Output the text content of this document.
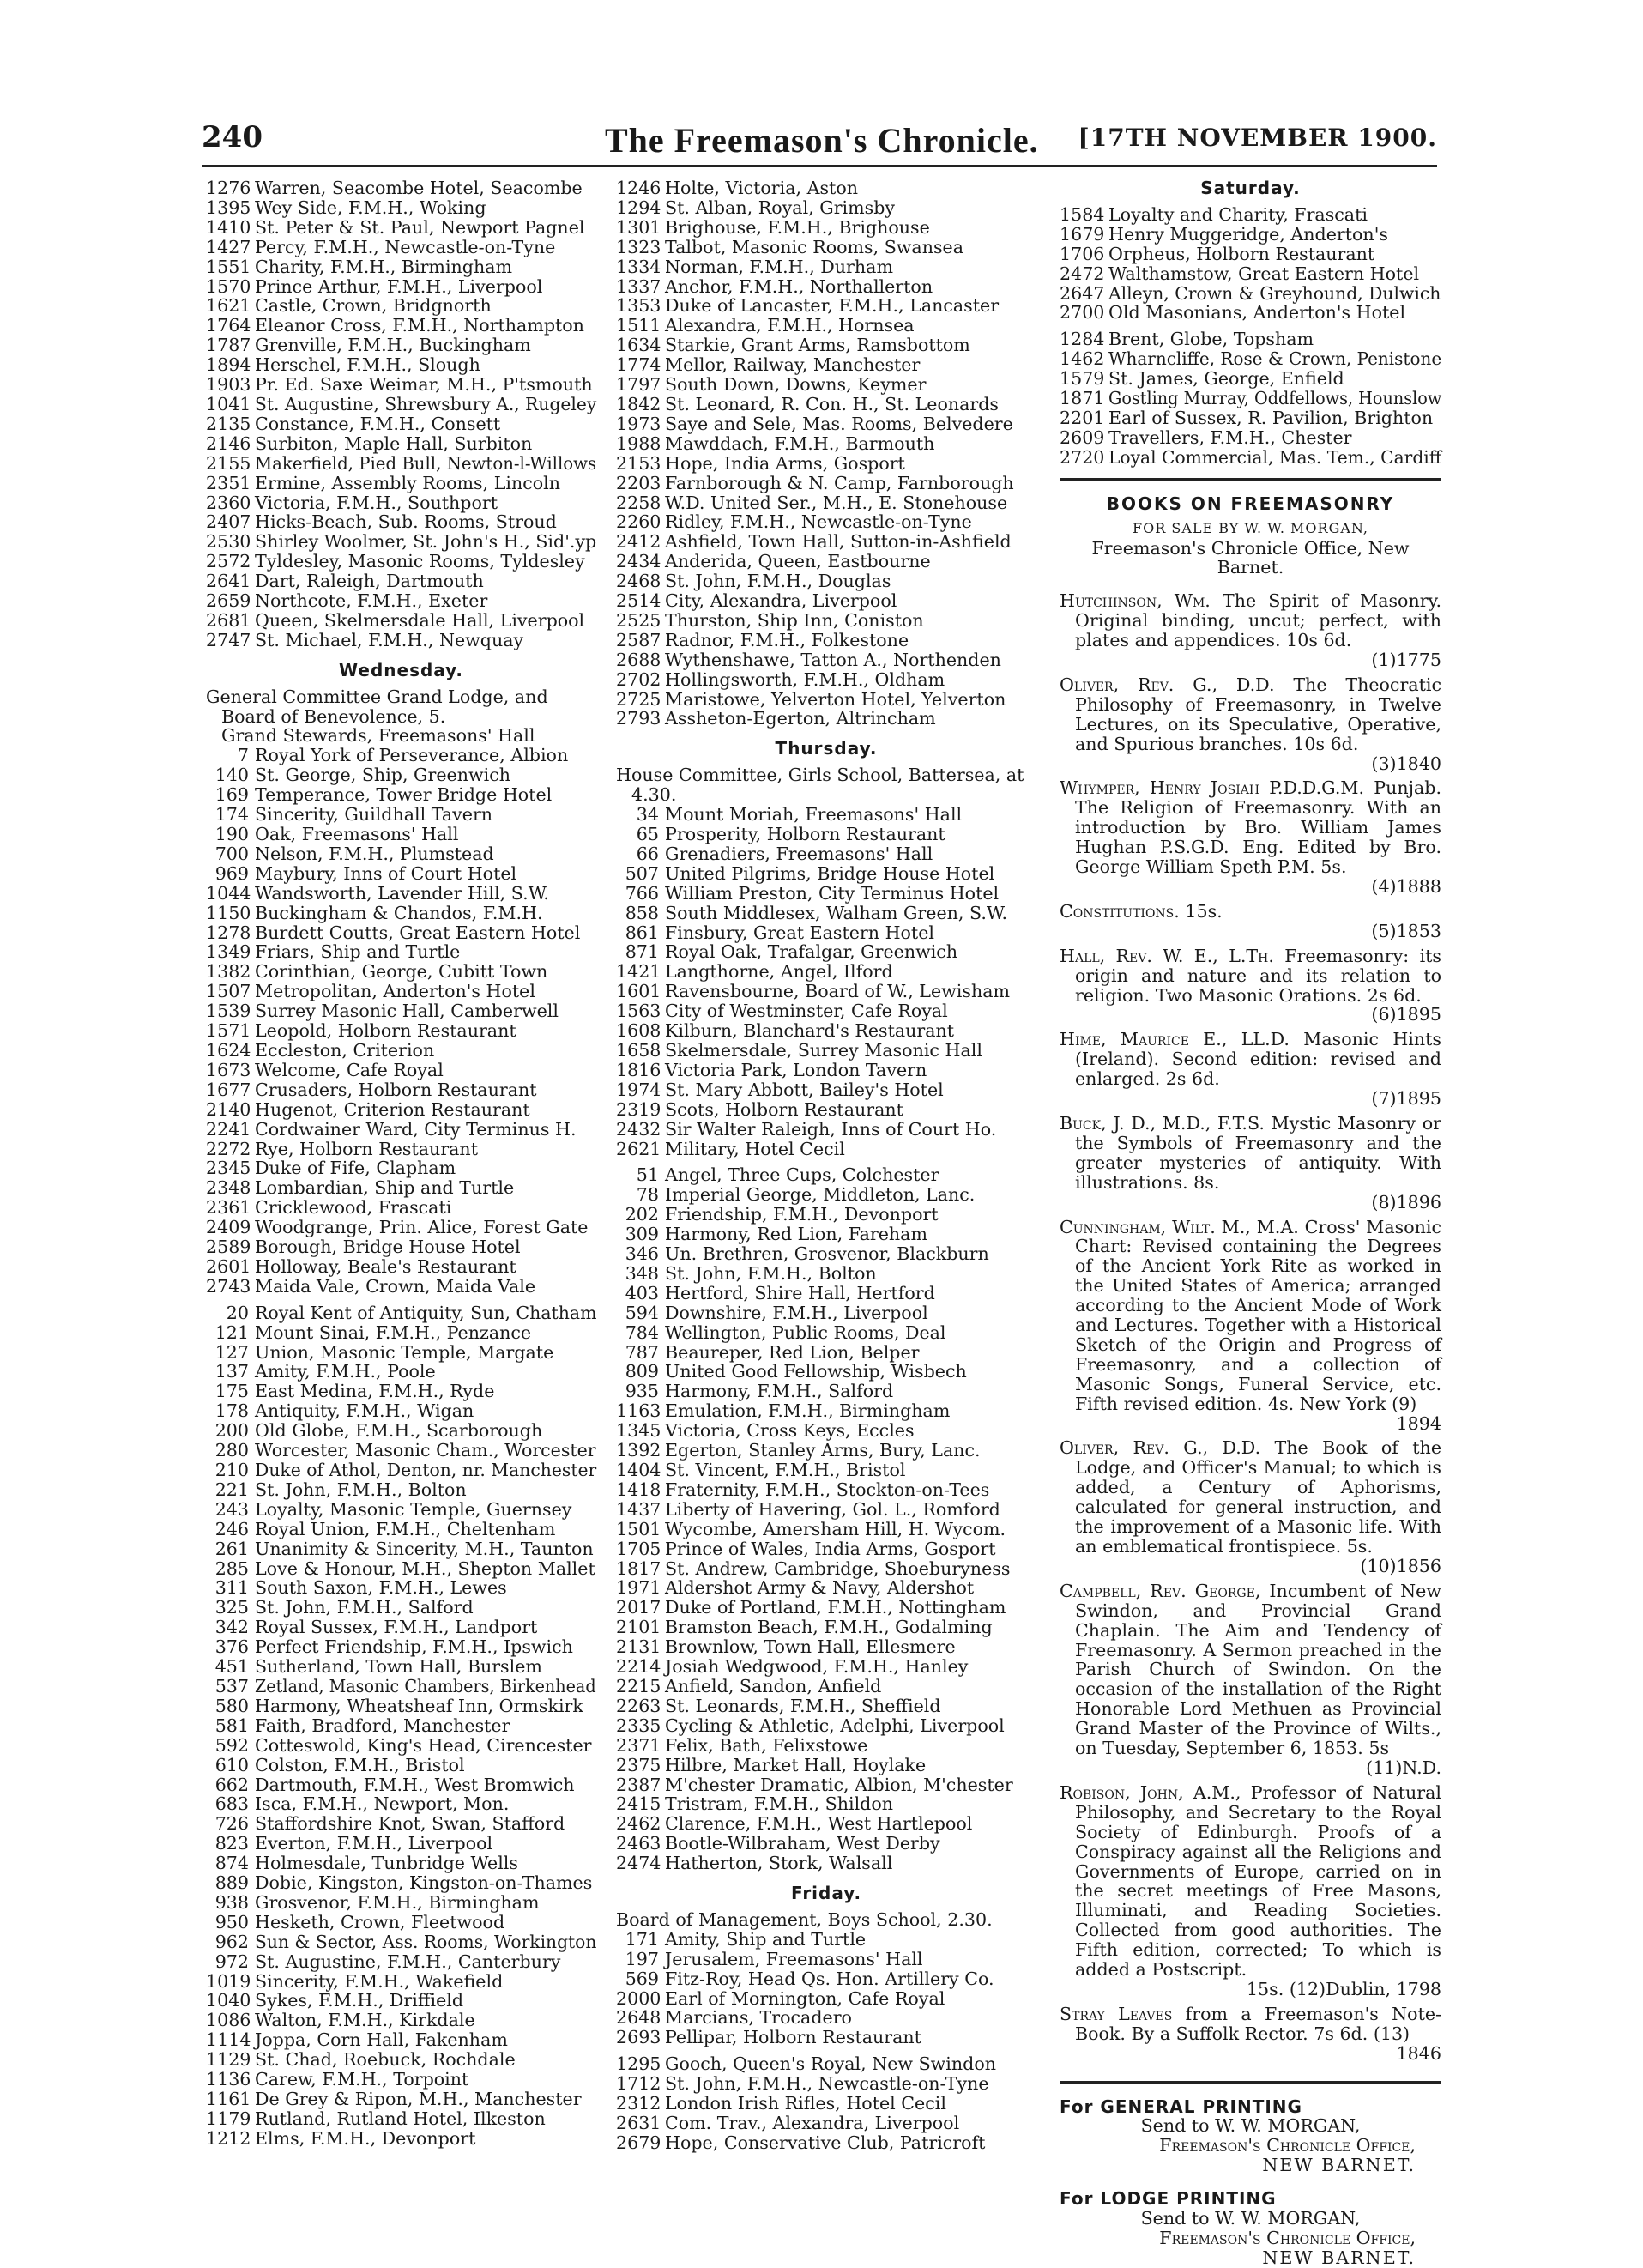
240	The Freemason's Chronicle. [17TH NOVEMBER 1900.
1276 Warren, Seacombe Hotel, Seacombe
1395 Wey Side, F.M.H., Woking
1410 St. Peter & St. Paul, Newport Pagnel
1427 Percy, F.M.H., Newcastle-on-Tyne
1551 Charity, F.M.H., Birmingham
1570 Prince Arthur, F.M.H., Liverpool
1621 Castle, Crown, Bridgnorth
1764 Eleanor Cross, F.M.H., Northampton
1787 Grenville, F.M.H., Buckingham
1894 Herschel, F.M.H., Slough
1903 Pr. Ed. Saxe Weimar, M.H., P'tsmouth
1041 St. Augustine, Shrewsbury A., Rugeley
2135 Constance, F.M.H., Consett
2146 Surbiton, Maple Hall, Surbiton
2155 Makerfield, Pied Bull, Newton-l-Willows
2351 Ermine, Assembly Rooms, Lincoln
2360 Victoria, F.M.H., Southport
2407 Hicks-Beach, Sub. Rooms, Stroud
2530 Shirley Woolmer, St. John's H., Sid'.yp
2572 Tyldesley, Masonic Rooms, Tyldesley
2641 Dart, Raleigh, Dartmouth
2659 Northcote, F.M.H., Exeter
2681 Queen, Skelmersdale Hall, Liverpool
2747 St. Michael, F.M.H., Newquay
Wednesday.
General Committee Grand Lodge, and Board of Benevolence, 5.
Grand Stewards, Freemasons' Hall
7 Royal York of Perseverance, Albion
140 St. George, Ship, Greenwich
169 Temperance, Tower Bridge Hotel
174 Sincerity, Guildhall Tavern
190 Oak, Freemasons' Hall
700 Nelson, F.M.H., Plumstead
969 Maybury, Inns of Court Hotel
1044 Wandsworth, Lavender Hill, S.W.
1150 Buckingham & Chandos, F.M.H.
1278 Burdett Coutts, Great Eastern Hotel
1349 Friars, Ship and Turtle
1382 Corinthian, George, Cubitt Town
1507 Metropolitan, Anderton's Hotel
1539 Surrey Masonic Hall, Camberwell
1571 Leopold, Holborn Restaurant
1624 Eccleston, Criterion
1673 Welcome, Cafe Royal
1677 Crusaders, Holborn Restaurant
2140 Hugenot, Criterion Restaurant
2241 Cordwainer Ward, City Terminus H.
2272 Rye, Holborn Restaurant
2345 Duke of Fife, Clapham
2348 Lombardian, Ship and Turtle
2361 Cricklewood, Frascati
2409 Woodgrange, Prin. Alice, Forest Gate
2589 Borough, Bridge House Hotel
2601 Holloway, Beale's Restaurant
2743 Maida Vale, Crown, Maida Vale
20 Royal Kent of Antiquity, Sun, Chatham
121 Mount Sinai, F.M.H., Penzance
127 Union, Masonic Temple, Margate
137 Amity, F.M.H., Poole
175 East Medina, F.M.H., Ryde
178 Antiquity, F.M.H., Wigan
200 Old Globe, F.M.H., Scarborough
280 Worcester, Masonic Cham., Worcester
210 Duke of Athol, Denton, nr. Manchester
221 St. John, F.M.H., Bolton
243 Loyalty, Masonic Temple, Guernsey
246 Royal Union, F.M.H., Cheltenham
261 Unanimity & Sincerity, M.H., Taunton
285 Love & Honour, M.H., Shepton Mallet
311 South Saxon, F.M.H., Lewes
325 St. John, F.M.H., Salford
342 Royal Sussex, F.M.H., Landport
376 Perfect Friendship, F.M.H., Ipswich
451 Sutherland, Town Hall, Burslem
537 Zetland, Masonic Chambers, Birkenhead
580 Harmony, Wheatsheaf Inn, Ormskirk
581 Faith, Bradford, Manchester
592 Cotteswold, King's Head, Cirencester
610 Colston, F.M.H., Bristol
662 Dartmouth, F.M.H., West Bromwich
683 Isca, F.M.H., Newport, Mon.
726 Staffordshire Knot, Swan, Stafford
823 Everton, F.M.H., Liverpool
874 Holmesdale, Tunbridge Wells
889 Dobie, Kingston, Kingston-on-Thames
938 Grosvenor, F.M.H., Birmingham
950 Hesketh, Crown, Fleetwood
962 Sun & Sector, Ass. Rooms, Workington
972 St. Augustine, F.M.H., Canterbury
1019 Sincerity, F.M.H., Wakefield
1040 Sykes, F.M.H., Driffield
1086 Walton, F.M.H., Kirkdale
1114 Joppa, Corn Hall, Fakenham
1129 St. Chad, Roebuck, Rochdale
1136 Carew, F.M.H., Torpoint
1161 De Grey & Ripon, M.H., Manchester
1179 Rutland, Rutland Hotel, Ilkeston
1212 Elms, F.M.H., Devonport
1246 Holte, Victoria, Aston
1294 St. Alban, Royal, Grimsby
1301 Brighouse, F.M.H., Brighouse
1323 Talbot, Masonic Rooms, Swansea
1334 Norman, F.M.H., Durham
1337 Anchor, F.M.H., Northallerton
1353 Duke of Lancaster, F.M.H., Lancaster
1511 Alexandra, F.M.H., Hornsea
1634 Starkie, Grant Arms, Ramsbottom
1774 Mellor, Railway, Manchester
1797 South Down, Downs, Keymer
1842 St. Leonard, R. Con. H., St. Leonards
1973 Saye and Sele, Mas. Rooms, Belvedere
1988 Mawddach, F.M.H., Barmouth
2153 Hope, India Arms, Gosport
2203 Farnborough & N. Camp, Farnborough
2258 W.D. United Ser., M.H., E. Stonehouse
2260 Ridley, F.M.H., Newcastle-on-Tyne
2412 Ashfield, Town Hall, Sutton-in-Ashfield
2434 Anderida, Queen, Eastbourne
2468 St. John, F.M.H., Douglas
2514 City, Alexandra, Liverpool
2525 Thurston, Ship Inn, Coniston
2587 Radnor, F.M.H., Folkestone
2688 Wythenshawe, Tatton A., Northenden
2702 Hollingsworth, F.M.H., Oldham
2725 Maristowe, Yelverton Hotel, Yelverton
2793 Assheton-Egerton, Altrincham
Thursday.
House Committee, Girls School, Battersea, at 4.30.
34 Mount Moriah, Freemasons' Hall
65 Prosperity, Holborn Restaurant
66 Grenadiers, Freemasons' Hall
507 United Pilgrims, Bridge House Hotel
766 William Preston, City Terminus Hotel
858 South Middlesex, Walham Green, S.W.
861 Finsbury, Great Eastern Hotel
871 Royal Oak, Trafalgar, Greenwich
1421 Langthorne, Angel, Ilford
1601 Ravensbourne, Board of W., Lewisham
1563 City of Westminster, Cafe Royal
1608 Kilburn, Blanchard's Restaurant
1658 Skelmersdale, Surrey Masonic Hall
1816 Victoria Park, London Tavern
1974 St. Mary Abbott, Bailey's Hotel
2319 Scots, Holborn Restaurant
2432 Sir Walter Raleigh, Inns of Court Ho.
2621 Military, Hotel Cecil
51 Angel, Three Cups, Colchester
78 Imperial George, Middleton, Lanc.
202 Friendship, F.M.H., Devonport
309 Harmony, Red Lion, Fareham
346 Un. Brethren, Grosvenor, Blackburn
348 St. John, F.M.H., Bolton
403 Hertford, Shire Hall, Hertford
594 Downshire, F.M.H., Liverpool
784 Wellington, Public Rooms, Deal
787 Beaureper, Red Lion, Belper
809 United Good Fellowship, Wisbech
935 Harmony, F.M.H., Salford
1163 Emulation, F.M.H., Birmingham
1345 Victoria, Cross Keys, Eccles
1392 Egerton, Stanley Arms, Bury, Lanc.
1404 St. Vincent, F.M.H., Bristol
1418 Fraternity, F.M.H., Stockton-on-Tees
1437 Liberty of Havering, Gol. L., Romford
1501 Wycombe, Amersham Hill, H. Wycom.
1705 Prince of Wales, India Arms, Gosport
1817 St. Andrew, Cambridge, Shoeburyness
1971 Aldershot Army & Navy, Aldershot
2017 Duke of Portland, F.M.H., Nottingham
2101 Bramston Beach, F.M.H., Godalming
2131 Brownlow, Town Hall, Ellesmere
2214 Josiah Wedgwood, F.M.H., Hanley
2215 Anfield, Sandon, Anfield
2263 St. Leonards, F.M.H., Sheffield
2335 Cycling & Athletic, Adelphi, Liverpool
2371 Felix, Bath, Felixstowe
2375 Hilbre, Market Hall, Hoylake
2387 M'chester Dramatic, Albion, M'chester
2415 Tristram, F.M.H., Shildon
2462 Clarence, F.M.H., West Hartlepool
2463 Bootle-Wilbraham, West Derby
2474 Hatherton, Stork, Walsall
Friday.
Board of Management, Boys School, 2.30.
171 Amity, Ship and Turtle
197 Jerusalem, Freemasons' Hall
569 Fitz-Roy, Head Qs. Hon. Artillery Co.
2000 Earl of Mornington, Cafe Royal
2648 Marcians, Trocadero
2693 Pellipar, Holborn Restaurant
1295 Gooch, Queen's Royal, New Swindon
1712 St. John, F.M.H., Newcastle-on-Tyne
2312 London Irish Rifles, Hotel Cecil
2631 Com. Trav., Alexandra, Liverpool
2679 Hope, Conservative Club, Patricroft
Saturday.
1584 Loyalty and Charity, Frascati
1679 Henry Muggeridge, Anderton's
1706 Orpheus, Holborn Restaurant
2472 Walthamstow, Great Eastern Hotel
2647 Alleyn, Crown & Greyhound, Dulwich
2700 Old Masonians, Anderton's Hotel
1284 Brent, Globe, Topsham
1462 Wharncliffe, Rose & Crown, Penistone
1579 St. James, George, Enfield
1871 Gostling Murray, Oddfellows, Hounslow
2201 Earl of Sussex, R. Pavilion, Brighton
2609 Travellers, F.M.H., Chester
2720 Loyal Commercial, Mas. Tem., Cardiff
BOOKS ON FREEMASONRY
FOR SALE BY W. W. MORGAN,
Freemason's Chronicle Office, New Barnet.
Hutchinson, Wm. The Spirit of Masonry. Original binding, uncut; perfect, with plates and appendices. 10s 6d.
(1)1775
Oliver, Rev. G., D.D. The Theocratic Philosophy of Freemasonry, in Twelve Lectures, on its Speculative, Operative, and Spurious branches. 10s 6d.
(3)1840
Whymper, Henry Josiah P.D.D.G.M. Punjab. The Religion of Freemasonry. With an introduction by Bro. William James Hughan P.S.G.D. Eng. Edited by Bro. George William Speth P.M. 5s.
(4)1888
Constitutions. 15s.
(5)1853
Hall, Rev. W. E., L.Th. Freemasonry: its origin and nature and its relation to religion. Two Masonic Orations. 2s 6d.
(6)1895
Hime, Maurice E., LL.D. Masonic Hints (Ireland). Second edition: revised and enlarged. 2s 6d.
(7)1895
Buck, J. D., M.D., F.T.S. Mystic Masonry or the Symbols of Freemasonry and the greater mysteries of antiquity. With illustrations. 8s.
(8)1896
Cunningham, Wilt. M., M.A. Cross' Masonic Chart: Revised containing the Degrees of the Ancient York Rite as worked in the United States of America; arranged according to the Ancient Mode of Work and Lectures. Together with a Historical Sketch of the Origin and Progress of Freemasonry, and a collection of Masonic Songs, Funeral Service, etc. Fifth revised edition. 4s. New York (9)
1894
Oliver, Rev. G., D.D. The Book of the Lodge, and Officer's Manual; to which is added, a Century of Aphorisms, calculated for general instruction, and the improvement of a Masonic life. With an emblematical frontispiece. 5s.
(10)1856
Campbell, Rev. George, Incumbent of New Swindon, and Provincial Grand Chaplain. The Aim and Tendency of Freemasonry. A Sermon preached in the Parish Church of Swindon. On the occasion of the installation of the Right Honorable Lord Methuen as Provincial Grand Master of the Province of Wilts., on Tuesday, September 6, 1853. 5s
(11)N.D.
Robison, John, A.M., Professor of Natural Philosophy, and Secretary to the Royal Society of Edinburgh. Proofs of a Conspiracy against all the Religions and Governments of Europe, carried on in the secret meetings of Free Masons, Illuminati, and Reading Societies. Collected from good authorities. The Fifth edition, corrected; To which is added a Postscript.
15s. (12)Dublin, 1798
Stray Leaves from a Freemason's Note-Book. By a Suffolk Rector. 7s 6d. (13)
1846
For GENERAL PRINTING
Send to W. W. MORGAN,
Freemason's Chronicle Office,
NEW BARNET.
For LODGE PRINTING
Send to W. W. MORGAN,
Freemason's Chronicle Office,
NEW BARNET.
